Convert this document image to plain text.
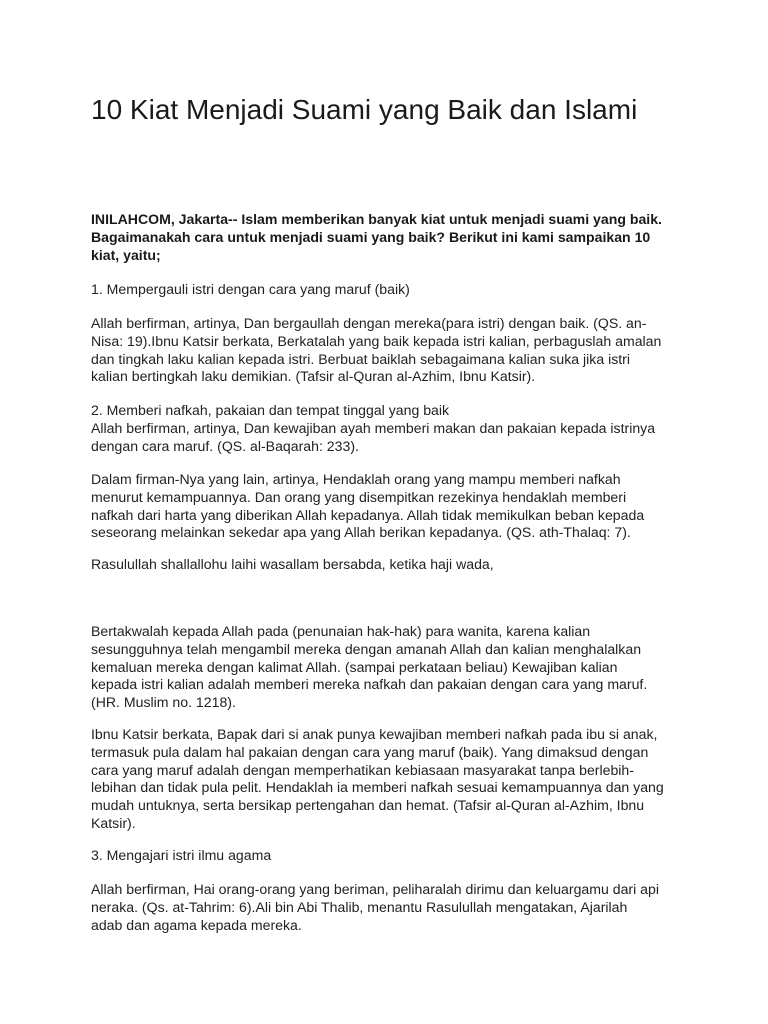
10 Kiat Menjadi Suami yang Baik dan Islami

INILAHCOM, Jakarta-- Islam memberikan banyak kiat untuk menjadi suami yang baik. Bagaimanakah cara untuk menjadi suami yang baik? Berikut ini kami sampaikan 10 kiat, yaitu;

1. Mempergauli istri dengan cara yang maruf (baik)

Allah berfirman, artinya, Dan bergaullah dengan mereka(para istri) dengan baik. (QS. an-
Nisa: 19).Ibnu Katsir berkata, Berkatalah yang baik kepada istri kalian, perbaguslah amalan
dan tingkah laku kalian kepada istri. Berbuat baiklah sebagaimana kalian suka jika istri
kalian bertingkah laku demikian. (Tafsir al-Quran al-Azhim, Ibnu Katsir).

2. Memberi nafkah, pakaian dan tempat tinggal yang baik
Allah berfirman, artinya, Dan kewajiban ayah memberi makan dan pakaian kepada istrinya
dengan cara maruf. (QS. al-Baqarah: 233).

Dalam firman-Nya yang lain, artinya, Hendaklah orang yang mampu memberi nafkah
menurut kemampuannya. Dan orang yang disempitkan rezekinya hendaklah memberi
nafkah dari harta yang diberikan Allah kepadanya. Allah tidak memikulkan beban kepada
seseorang melainkan sekedar apa yang Allah berikan kepadanya. (QS. ath-Thalaq: 7).

Rasulullah shallallohu laihi wasallam bersabda, ketika haji wada,

Bertakwalah kepada Allah pada (penunaian hak-hak) para wanita, karena kalian
sesungguhnya telah mengambil mereka dengan amanah Allah dan kalian menghalalkan
kemaluan mereka dengan kalimat Allah. (sampai perkataan beliau) Kewajiban kalian
kepada istri kalian adalah memberi mereka nafkah dan pakaian dengan cara yang maruf.
(HR. Muslim no. 1218).

Ibnu Katsir berkata, Bapak dari si anak punya kewajiban memberi nafkah pada ibu si anak,
termasuk pula dalam hal pakaian dengan cara yang maruf (baik). Yang dimaksud dengan
cara yang maruf adalah dengan memperhatikan kebiasaan masyarakat tanpa berlebih-
lebihan dan tidak pula pelit. Hendaklah ia memberi nafkah sesuai kemampuannya dan yang
mudah untuknya, serta bersikap pertengahan dan hemat. (Tafsir al-Quran al-Azhim, Ibnu
Katsir).

3. Mengajari istri ilmu agama

Allah berfirman, Hai orang-orang yang beriman, peliharalah dirimu dan keluargamu dari api
neraka. (Qs. at-Tahrim: 6).Ali bin Abi Thalib, menantu Rasulullah mengatakan, Ajarilah
adab dan agama kepada mereka.
